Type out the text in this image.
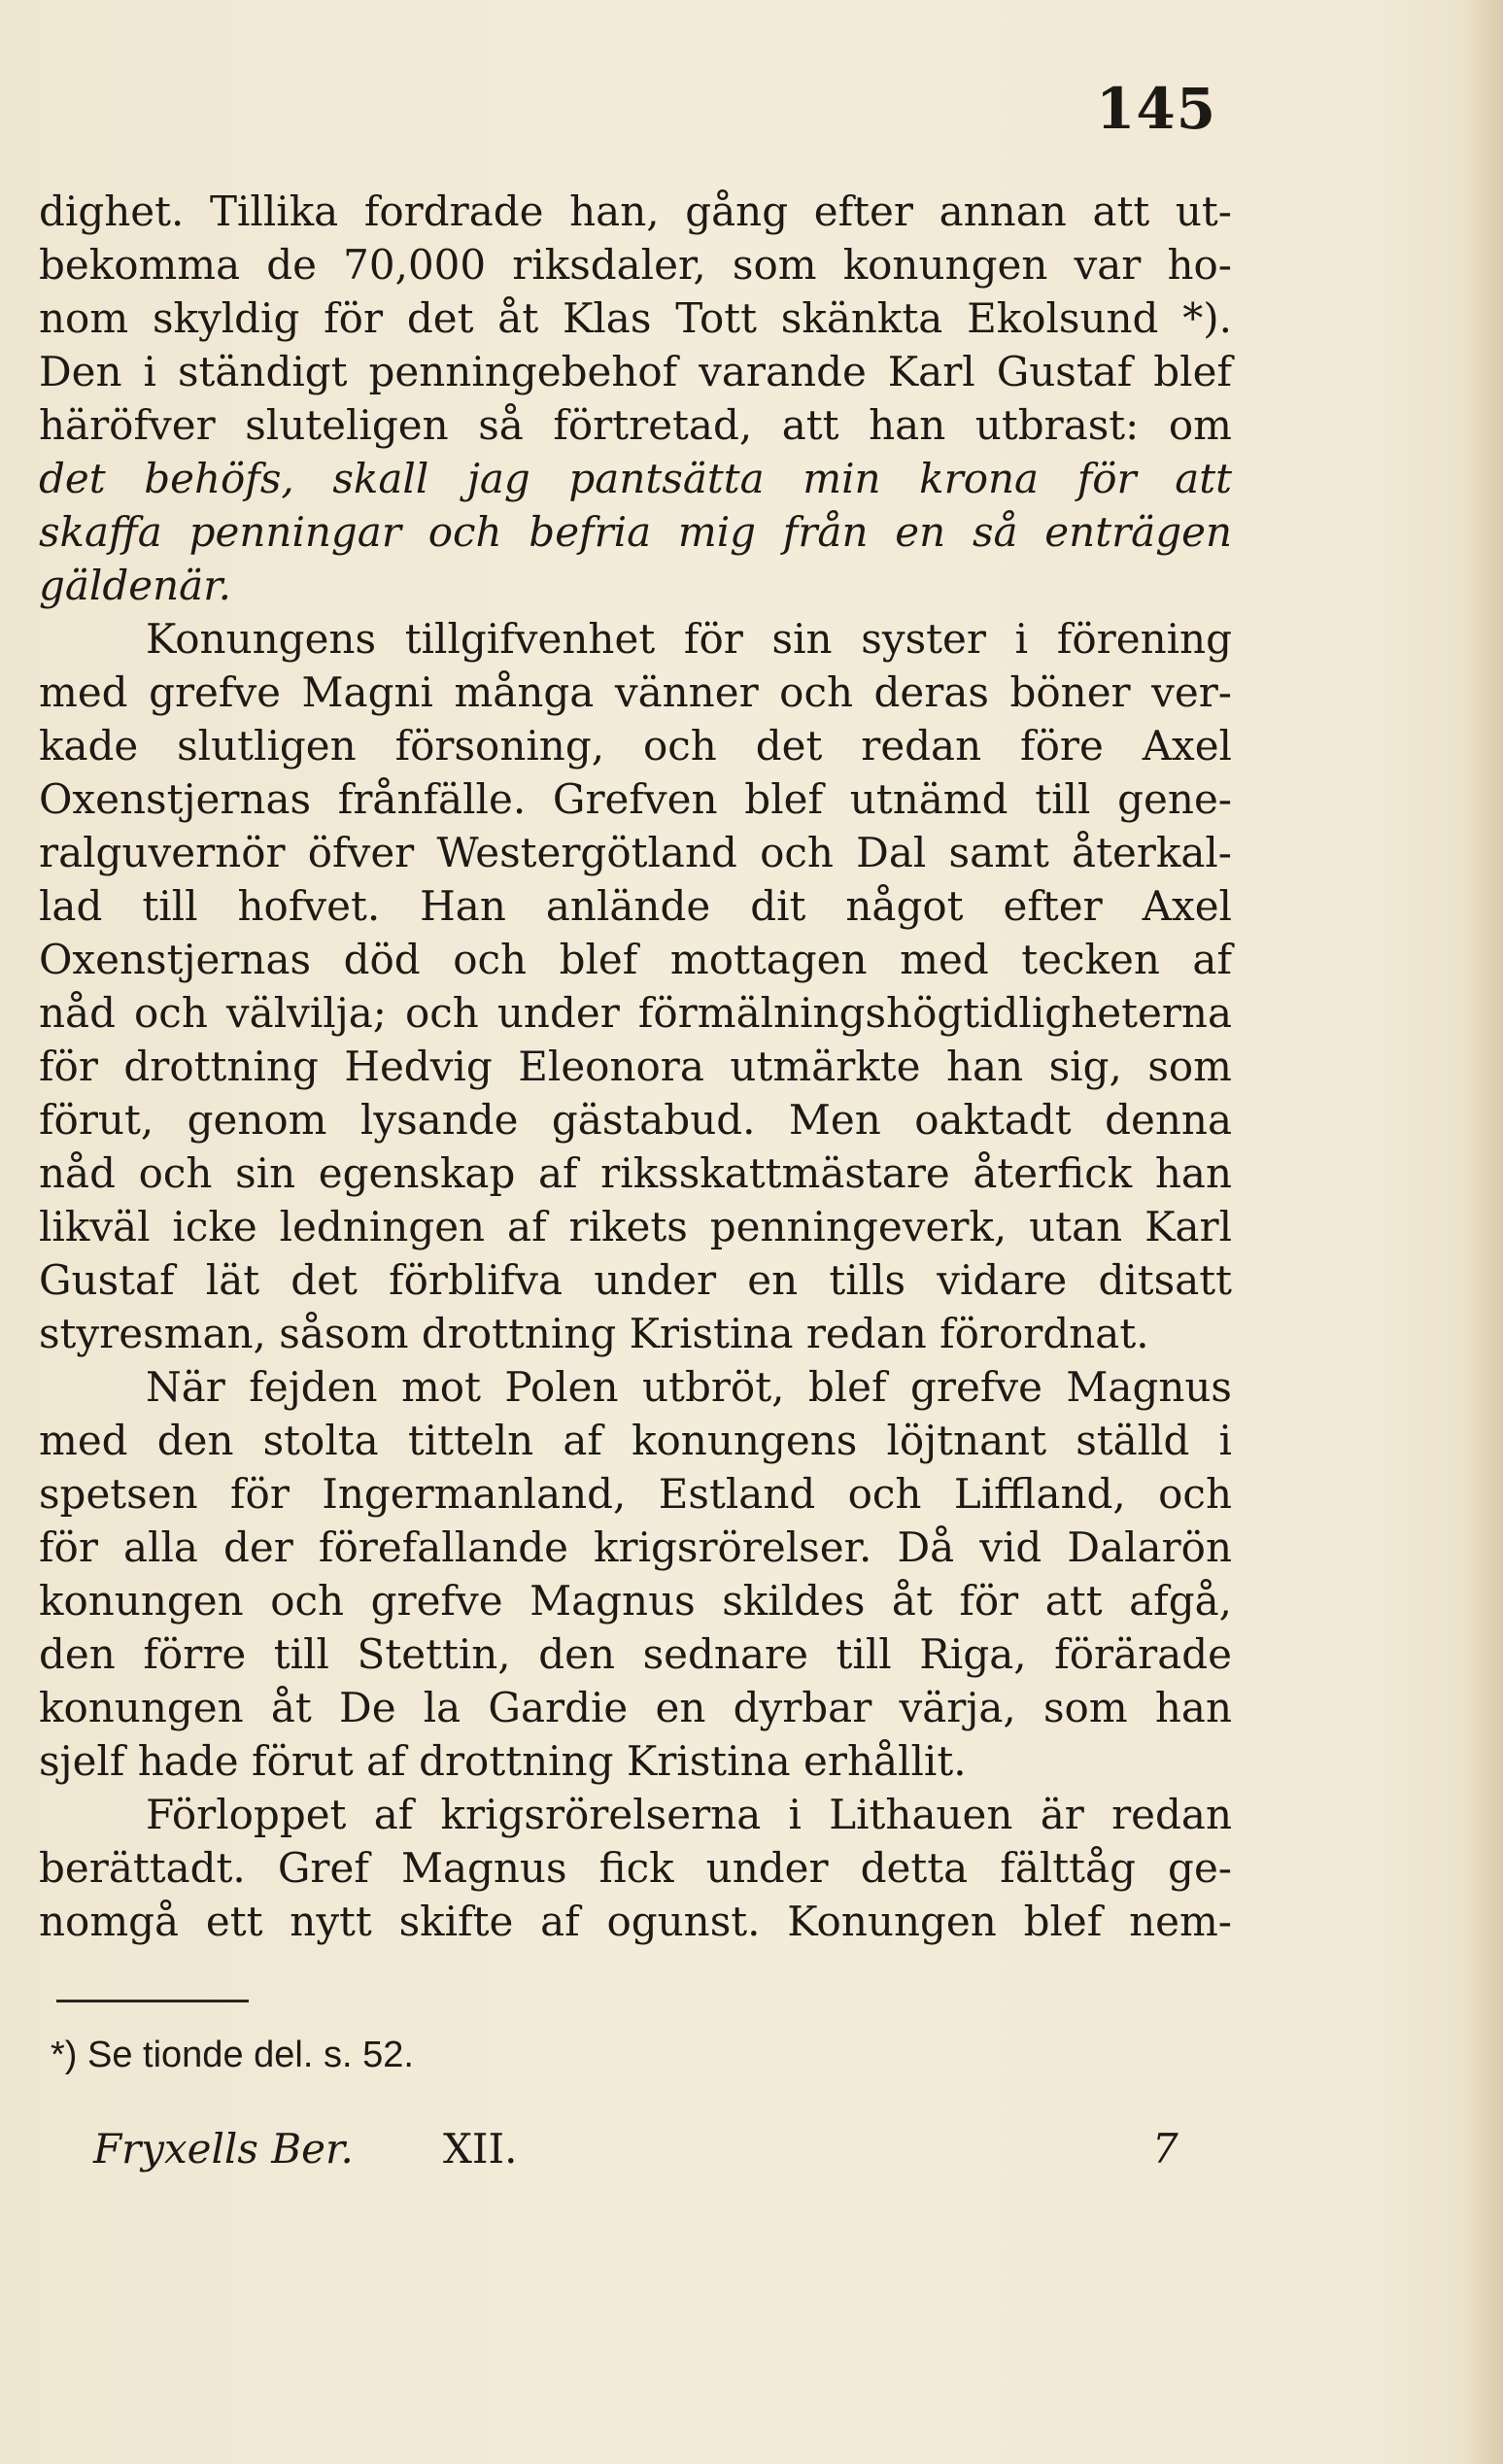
145
dighet. Tillika fordrade han, gång efter annan att ut-
bekomma de 70,000 riksdaler, som konungen var ho-
nom skyldig för det åt Klas Tott skänkta Ekolsund *).
Den i ständigt penningebehof varande Karl Gustaf blef
häröfver sluteligen så förtretad, att han utbrast: om
det behöfs, skall jag pantsätta min krona för att
skaffa penningar och befria mig från en så enträgen
gäldenär.
Konungens tillgifvenhet för sin syster i förening
med grefve Magni många vänner och deras böner ver-
kade slutligen försoning, och det redan före Axel
Oxenstjernas frånfälle. Grefven blef utnämd till gene-
ralguvernör öfver Westergötland och Dal samt återkal-
lad till hofvet. Han anlände dit något efter Axel
Oxenstjernas död och blef mottagen med tecken af
nåd och välvilja; och under förmälningshögtidligheterna
för drottning Hedvig Eleonora utmärkte han sig, som
förut, genom lysande gästabud. Men oaktadt denna
nåd och sin egenskap af riksskattmästare återfick han
likväl icke ledningen af rikets penningeverk, utan Karl
Gustaf lät det förblifva under en tills vidare ditsatt
styresman, såsom drottning Kristina redan förordnat.
När fejden mot Polen utbröt, blef grefve Magnus
med den stolta titteln af konungens löjtnant ställd i
spetsen för Ingermanland, Estland och Liffland, och
för alla der förefallande krigsrörelser. Då vid Dalarön
konungen och grefve Magnus skildes åt för att afgå,
den förre till Stettin, den sednare till Riga, förärade
konungen åt De la Gardie en dyrbar värja, som han
sjelf hade förut af drottning Kristina erhållit.
Förloppet af krigsrörelserna i Lithauen är redan
berättadt. Gref Magnus fick under detta fälttåg ge-
nomgå ett nytt skifte af ogunst. Konungen blef nem-
*) Se tionde del. s. 52.
Fryxells Ber. XII.	7
